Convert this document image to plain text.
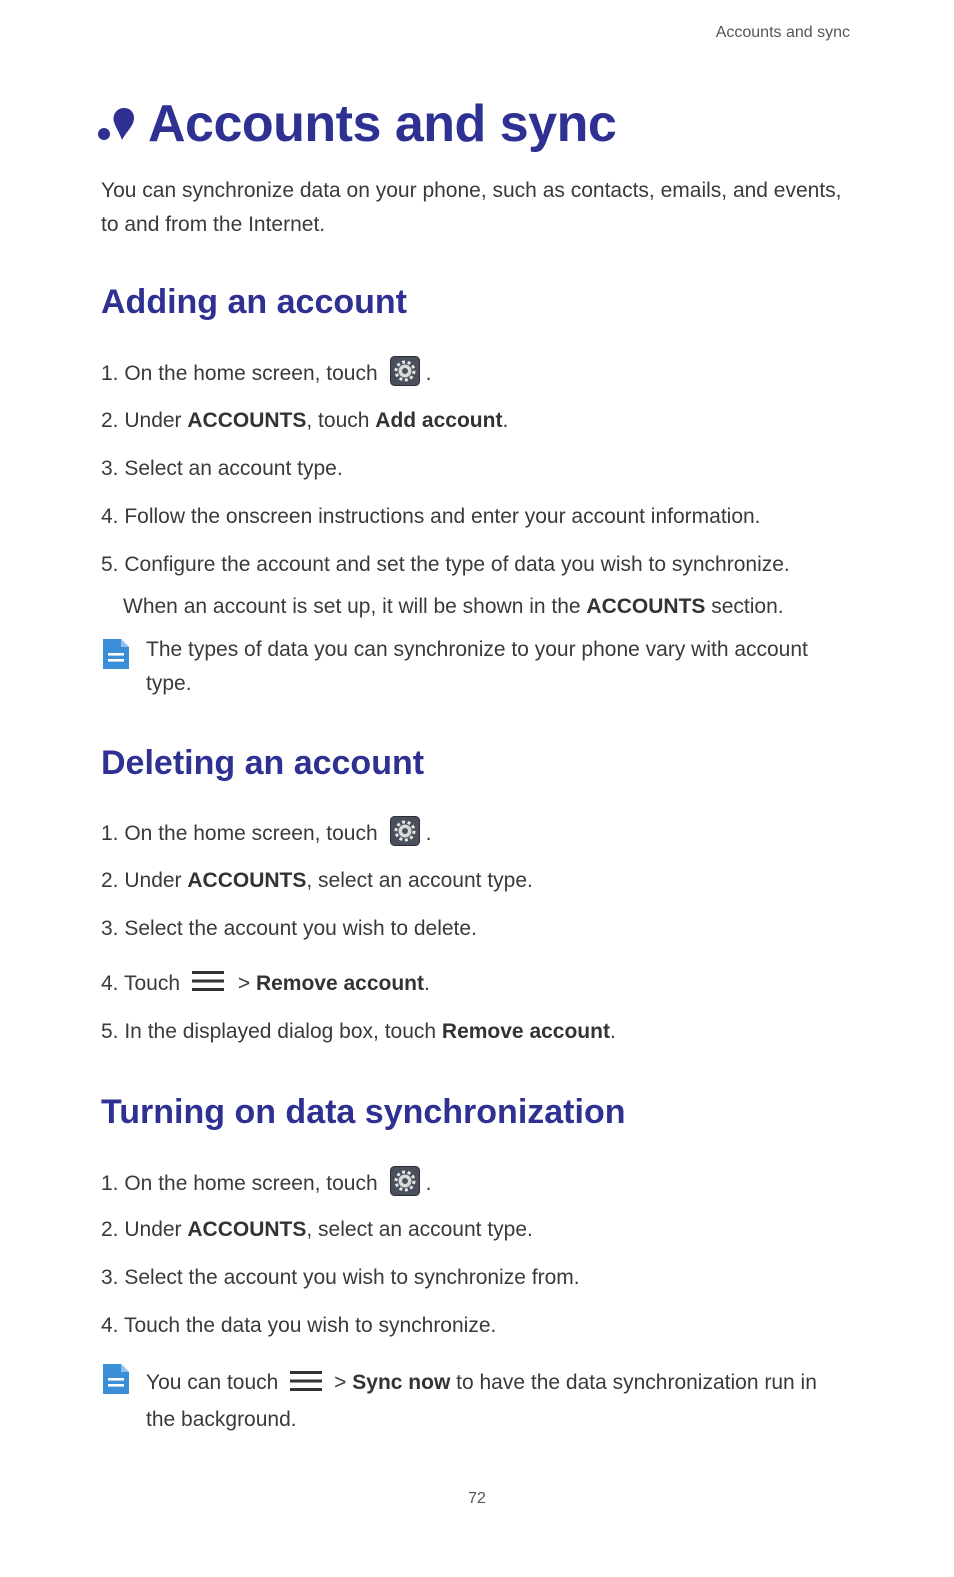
Accounts and sync
Accounts and sync
You can synchronize data on your phone, such as contacts, emails, and events, to and from the Internet.
Adding an account
1. On the home screen, touch .
2. Under ACCOUNTS , touch Add account .
3. Select an account type.
4. Follow the onscreen instructions and enter your account information.
5. Configure the account and set the type of data you wish to synchronize.
When an account is set up, it will be shown in the ACCOUNTS section.
The types of data you can synchronize to your phone vary with account type.
Deleting an account
1. On the home screen, touch .
2. Under ACCOUNTS , select an account type.
3. Select the account you wish to delete.
4. Touch > Remove account .
5. In the displayed dialog box, touch Remove account .
Turning on data synchronization
1. On the home screen, touch .
2. Under ACCOUNTS , select an account type.
3. Select the account you wish to synchronize from.
4. Touch the data you wish to synchronize.
You can touch > Sync now to have the data synchronization run in the background.
72
